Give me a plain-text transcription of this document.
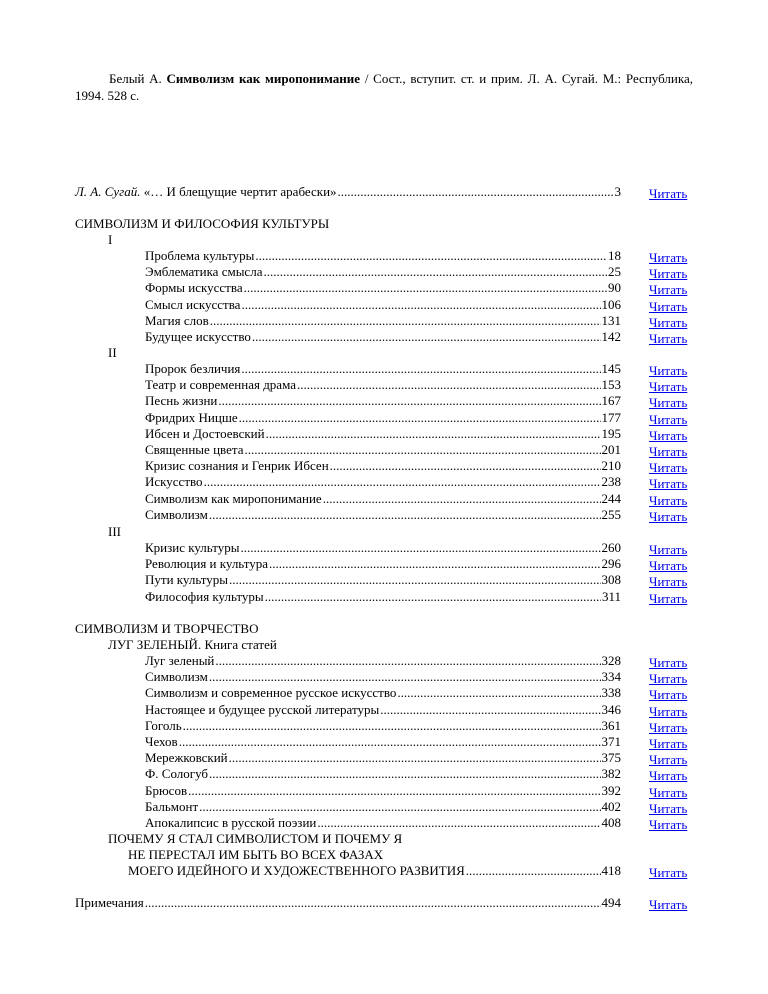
Белый А. Символизм как миропонимание / Сост., вступит. ст. и прим. Л. А. Сугай. М.: Республика, 1994. 528 с.
Л. А. Сугай. «… И блещущие чертит арабески» .....	3 Читать
СИМВОЛИЗМ И ФИЛОСОФИЯ КУЛЬТУРЫ
I
Проблема культуры .....	18 Читать
Эмблематика смысла .....	25 Читать
Формы искусства .....	90 Читать
Смысл искусства .....	106 Читать
Магия слов .....	131 Читать
Будущее искусство .....	142 Читать
II
Пророк безличия .....	145 Читать
Театр и современная драма .....	153 Читать
Песнь жизни .....	167 Читать
Фридрих Ницше .....	177 Читать
Ибсен и Достоевский .....	195 Читать
Священные цвета .....	201 Читать
Кризис сознания и Генрик Ибсен .....	210 Читать
Искусство .....	238 Читать
Символизм как миропонимание .....	244 Читать
Символизм .....	255 Читать
III
Кризис культуры .....	260 Читать
Революция и культура .....	296 Читать
Пути культуры .....	308 Читать
Философия культуры .....	311 Читать
СИМВОЛИЗМ И ТВОРЧЕСТВО
ЛУГ ЗЕЛЕНЫЙ. Книга статей
Луг зеленый .....	328 Читать
Символизм .....	334 Читать
Символизм и современное русское искусство .....	338 Читать
Настоящее и будущее русской литературы .....	346 Читать
Гоголь .....	361 Читать
Чехов .....	371 Читать
Мережковский .....	375 Читать
Ф. Сологуб .....	382 Читать
Брюсов .....	392 Читать
Бальмонт .....	402 Читать
Апокалипсис в русской поэзии .....	408 Читать
ПОЧЕМУ Я СТАЛ СИМВОЛИСТОМ И ПОЧЕМУ Я
НЕ ПЕРЕСТАЛ ИМ БЫТЬ ВО ВСЕХ ФАЗАХ
МОЕГО ИДЕЙНОГО И ХУДОЖЕСТВЕННОГО РАЗВИТИЯ .....	418 Читать
Примечания .....	494 Читать
